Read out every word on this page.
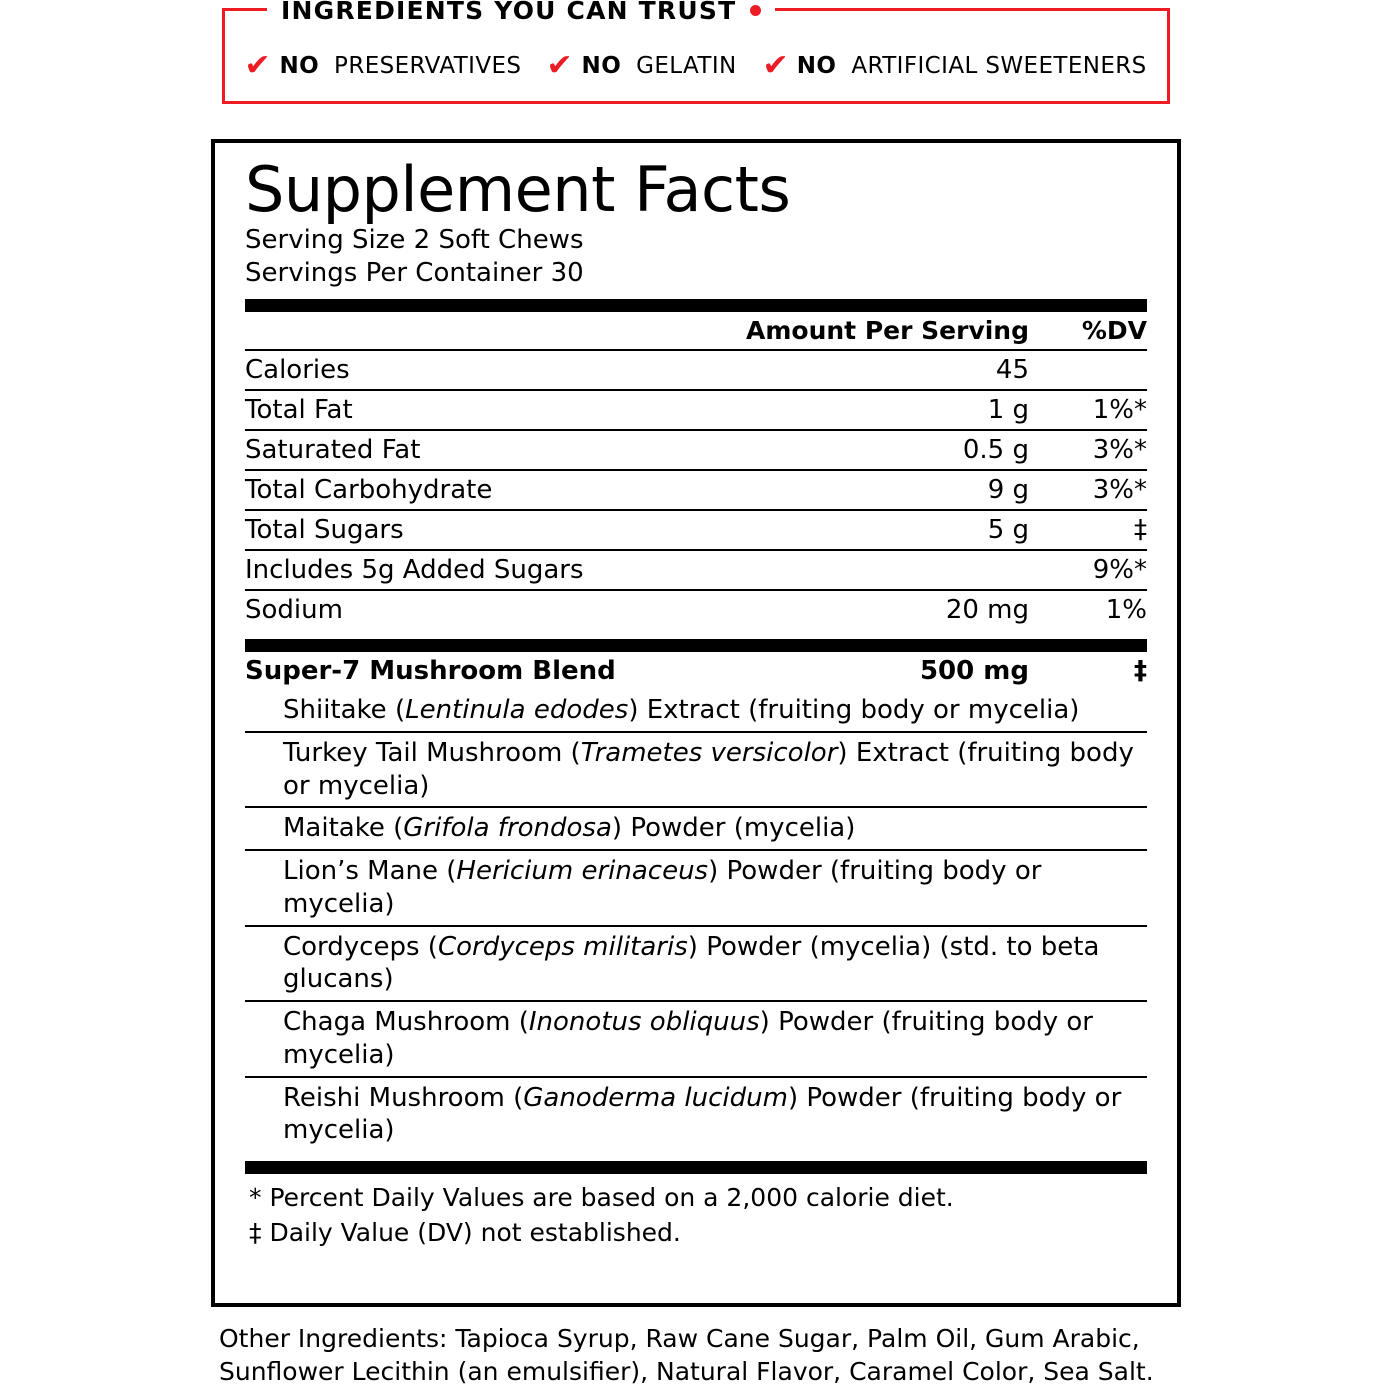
INGREDIENTS YOU CAN TRUST
✔ NO PRESERVATIVES ✔ NO GELATIN ✔ NO ARTIFICIAL SWEETENERS
Supplement Facts
Serving Size 2 Soft Chews
Servings Per Container 30
	Amount Per Serving	%DV
Calories	45	
Total Fat	1 g	1%*
Saturated Fat	0.5 g	3%*
Total Carbohydrate	9 g	3%*
Total Sugars	5 g	‡
Includes 5g Added Sugars		9%*
Sodium	20 mg	1%
Super-7 Mushroom Blend	500 mg	‡

Shiitake (Lentinula edodes) Extract (fruiting body or mycelia)

Turkey Tail Mushroom (Trametes versicolor) Extract (fruiting body or mycelia)

Maitake (Grifola frondosa) Powder (mycelia)

Lion’s Mane (Hericium erinaceus) Powder (fruiting body or mycelia)

Cordyceps (Cordyceps militaris) Powder (mycelia) (std. to beta glucans)

Chaga Mushroom (Inonotus obliquus) Powder (fruiting body or mycelia)

Reishi Mushroom (Ganoderma lucidum) Powder (fruiting body or mycelia)
* Percent Daily Values are based on a 2,000 calorie diet.
‡ Daily Value (DV) not established.
Other Ingredients: Tapioca Syrup, Raw Cane Sugar, Palm Oil, Gum Arabic, Sunflower Lecithin (an emulsifier), Natural Flavor, Caramel Color, Sea Salt.
